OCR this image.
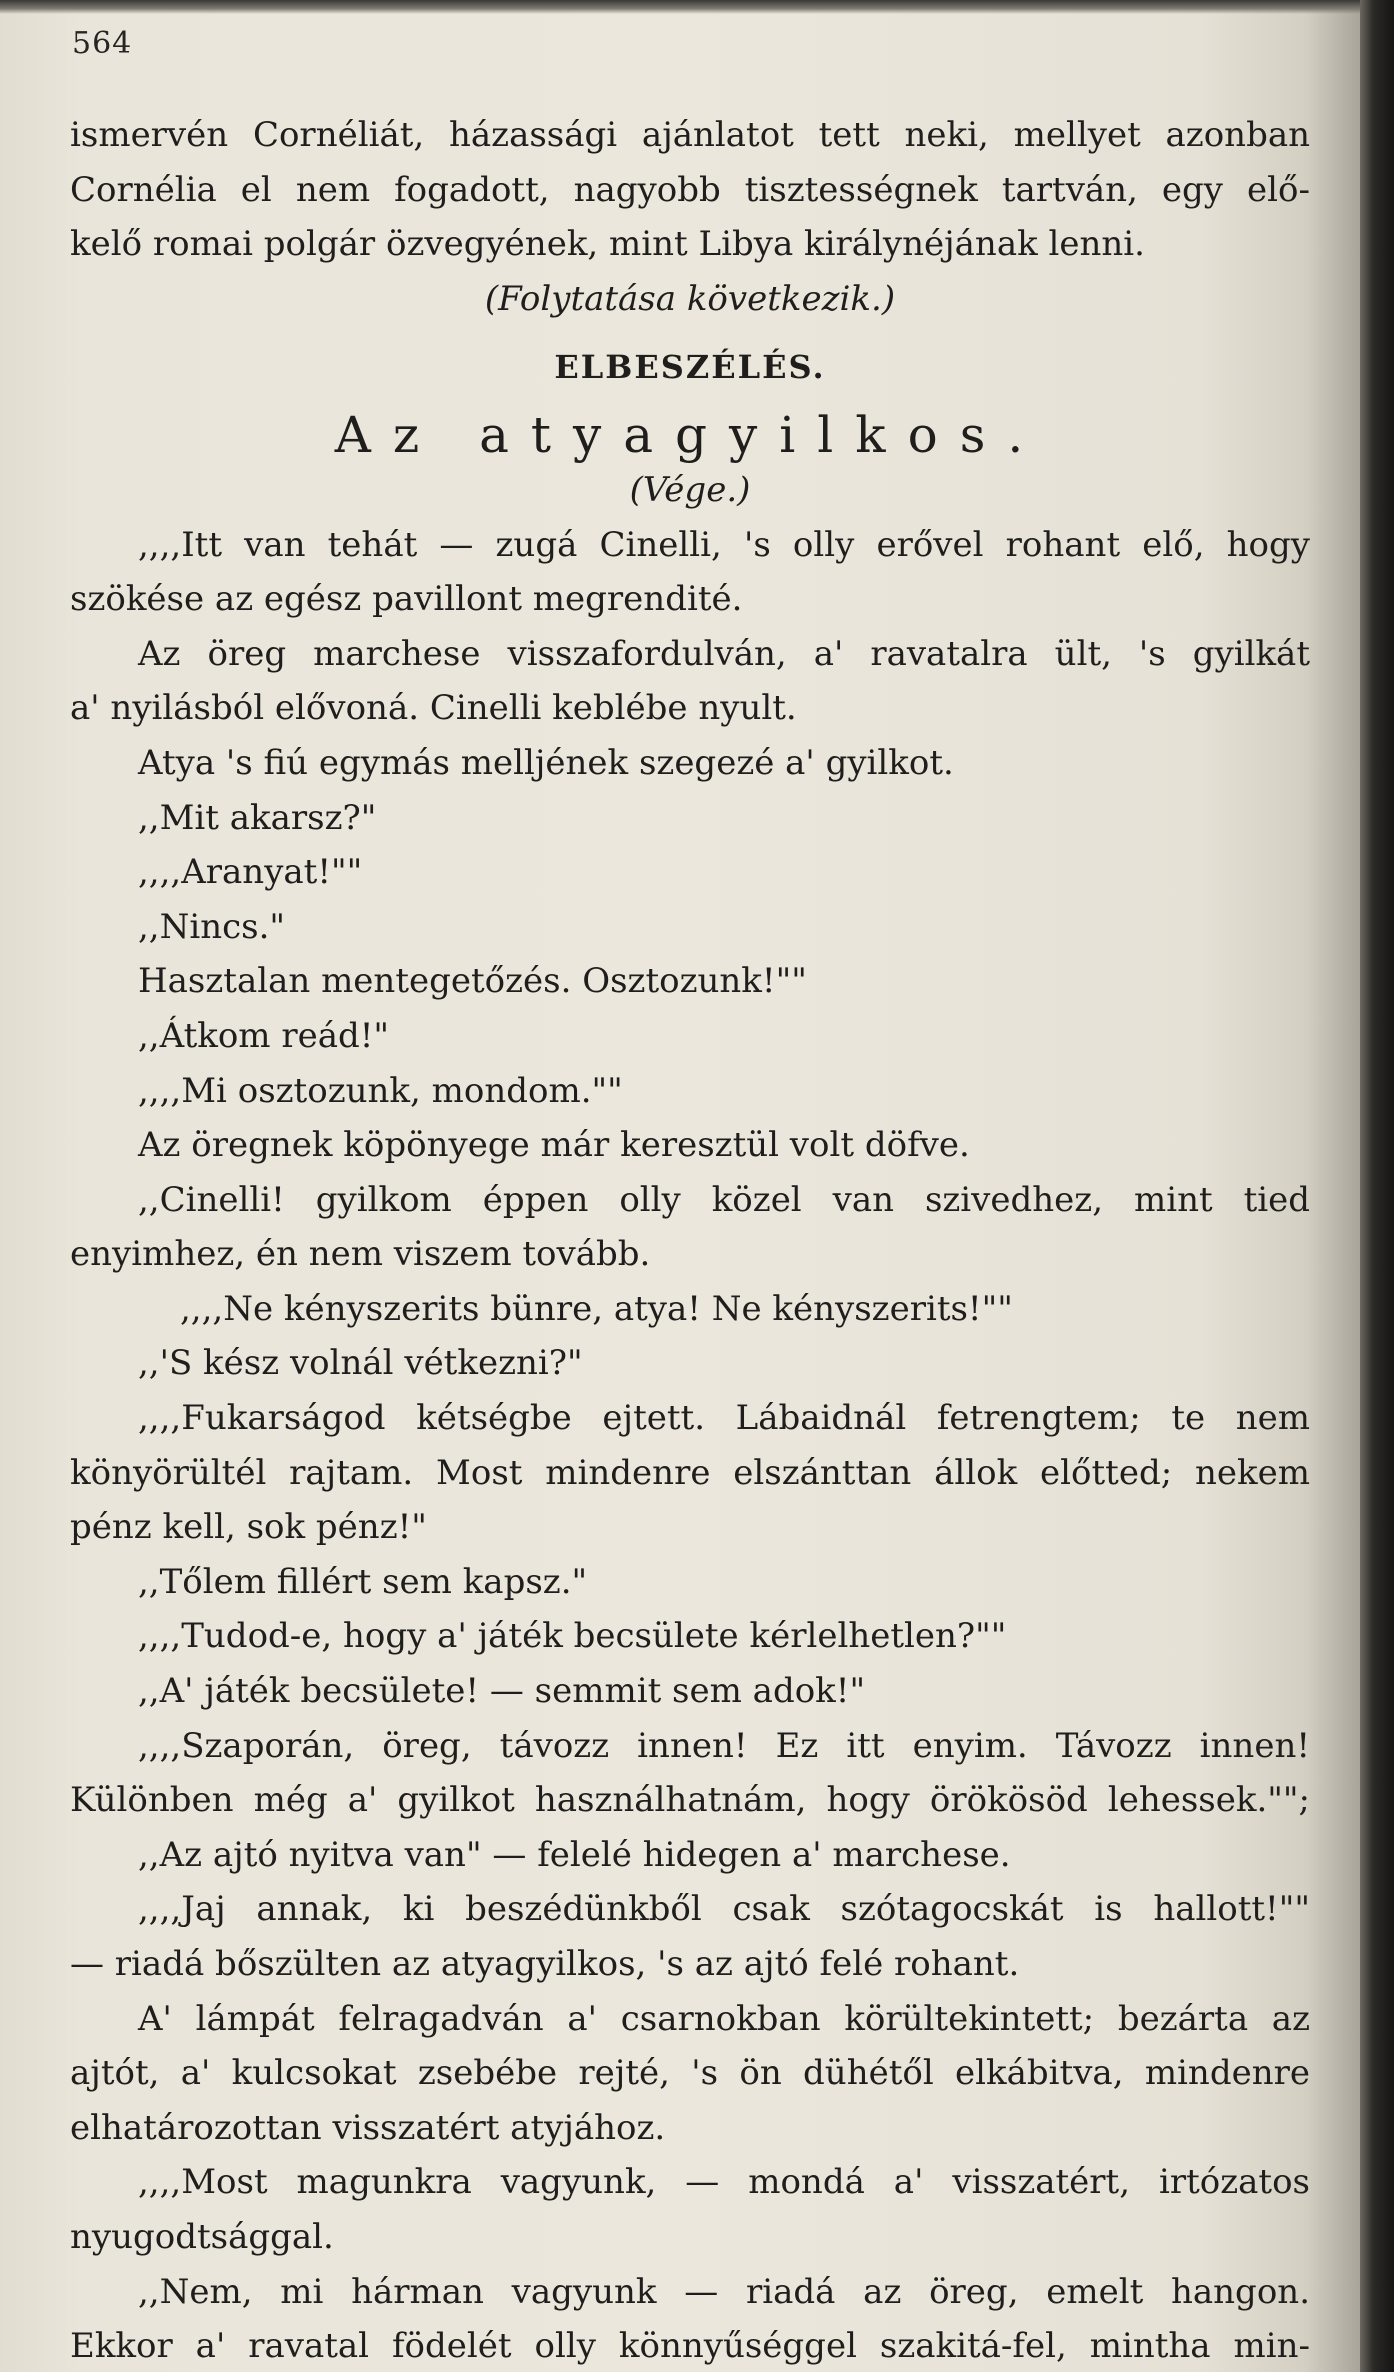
564
ismervén Cornéliát, házassági ajánlatot tett neki, mellyet azonban
Cornélia el nem fogadott, nagyobb tisztességnek tartván, egy elő-
kelő romai polgár özvegyének, mint Libya királynéjának lenni.
(Folytatása következik.)
ELBESZÉLÉS.
Az atyagyilkos.
(Vége.)
,,,,Itt van tehát — zugá Cinelli, 's olly erővel rohant elő, hogy
szökése az egész pavillont megrendité.
Az öreg marchese visszafordulván, a' ravatalra ült, 's gyilkát
a' nyilásból elővoná. Cinelli keblébe nyult.
Atya 's fiú egymás melljének szegezé a' gyilkot.
,,Mit akarsz?"
,,,,Aranyat!""
,,Nincs."
Hasztalan mentegetőzés. Osztozunk!""
,,Átkom reád!"
,,,,Mi osztozunk, mondom.""
Az öregnek köpönyege már keresztül volt döfve.
,,Cinelli! gyilkom éppen olly közel van szivedhez, mint tied
enyimhez, én nem viszem tovább.
,,,,Ne kényszerits bünre, atya! Ne kényszerits!""
,,'S kész volnál vétkezni?"
,,,,Fukarságod kétségbe ejtett. Lábaidnál fetrengtem; te nem
könyörültél rajtam. Most mindenre elszánttan állok előtted; nekem
pénz kell, sok pénz!"
,,Tőlem fillért sem kapsz."
,,,,Tudod-e, hogy a' játék becsülete kérlelhetlen?""
,,A' játék becsülete! — semmit sem adok!"
,,,,Szaporán, öreg, távozz innen! Ez itt enyim. Távozz innen!
Különben még a' gyilkot használhatnám, hogy örökösöd lehessek."";
,,Az ajtó nyitva van" — felelé hidegen a' marchese.
,,,,Jaj annak, ki beszédünkből csak szótagocskát is hallott!""
— riadá bőszülten az atyagyilkos, 's az ajtó felé rohant.
A' lámpát felragadván a' csarnokban körültekintett; bezárta az
ajtót, a' kulcsokat zsebébe rejté, 's ön dühétől elkábitva, mindenre
elhatározottan visszatért atyjához.
,,,,Most magunkra vagyunk, — mondá a' visszatért, irtózatos
nyugodtsággal.
,,Nem, mi hárman vagyunk — riadá az öreg, emelt hangon.
Ekkor a' ravatal födelét olly könnyűséggel szakitá-fel, mintha min-
